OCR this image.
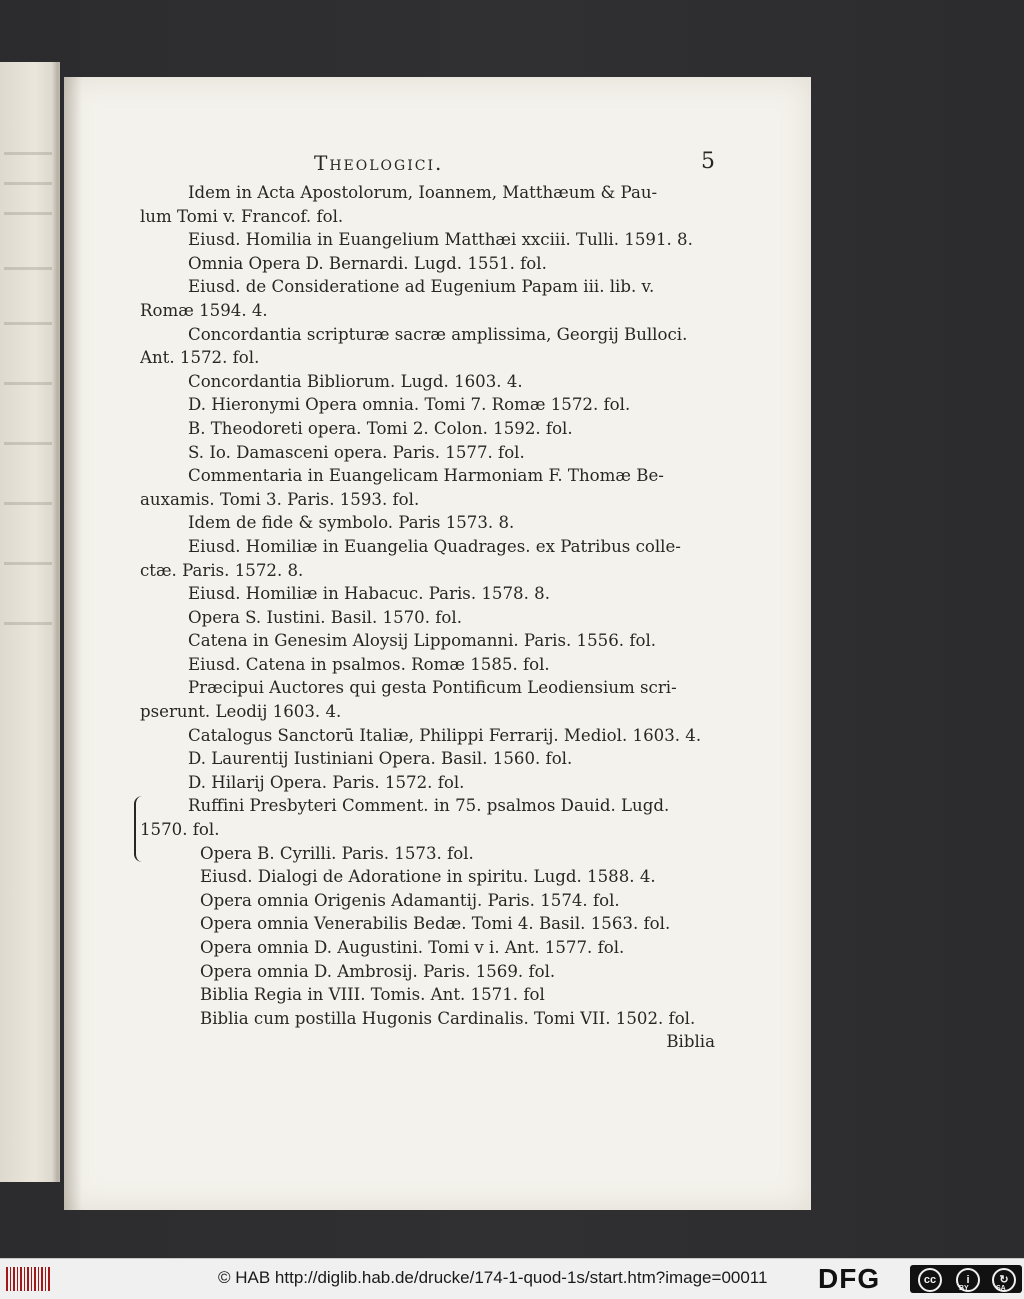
Theologici.	5
Idem in Acta Apostolorum, Ioannem, Matthæum & Pau-
lum Tomi v. Francof. fol.
Eiusd. Homilia in Euangelium Matthæi xxciii. Tulli. 1591. 8.
Omnia Opera D. Bernardi. Lugd. 1551. fol.
Eiusd. de Consideratione ad Eugenium Papam iii. lib. v.
Romæ 1594. 4.
Concordantia scripturæ sacræ amplissima, Georgij Bulloci.
Ant. 1572. fol.
Concordantia Bibliorum. Lugd. 1603. 4.
D. Hieronymi Opera omnia. Tomi 7. Romæ 1572. fol.
B. Theodoreti opera. Tomi 2. Colon. 1592. fol.
S. Io. Damasceni opera. Paris. 1577. fol.
Commentaria in Euangelicam Harmoniam F. Thomæ Be-
auxamis. Tomi 3. Paris. 1593. fol.
Idem de fide & symbolo. Paris 1573. 8.
Eiusd. Homiliæ in Euangelia Quadrages. ex Patribus colle-
ctæ. Paris. 1572. 8.
Eiusd. Homiliæ in Habacuc. Paris. 1578. 8.
Opera S. Iustini. Basil. 1570. fol.
Catena in Genesim Aloysij Lippomanni. Paris. 1556. fol.
Eiusd. Catena in psalmos. Romæ 1585. fol.
Præcipui Auctores qui gesta Pontificum Leodiensium scri-
pserunt. Leodij 1603. 4.
Catalogus Sanctorū Italiæ, Philippi Ferrarij. Mediol. 1603. 4.
D. Laurentij Iustiniani Opera. Basil. 1560. fol.
D. Hilarij Opera. Paris. 1572. fol.
Ruffini Presbyteri Comment. in 75. psalmos Dauid. Lugd.
1570. fol.
Opera B. Cyrilli. Paris. 1573. fol.
Eiusd. Dialogi de Adoratione in spiritu. Lugd. 1588. 4.
Opera omnia Origenis Adamantij. Paris. 1574. fol.
Opera omnia Venerabilis Bedæ. Tomi 4. Basil. 1563. fol.
Opera omnia D. Augustini. Tomi v i. Ant. 1577. fol.
Opera omnia D. Ambrosij. Paris. 1569. fol.
Biblia Regia in VIII. Tomis. Ant. 1571. fol
Biblia cum postilla Hugonis Cardinalis. Tomi VII. 1502. fol.
Biblia
© HAB http://diglib.hab.de/drucke/174-1-quod-1s/start.htm?image=00011 DFG	cc	i	↻
BY	SA
